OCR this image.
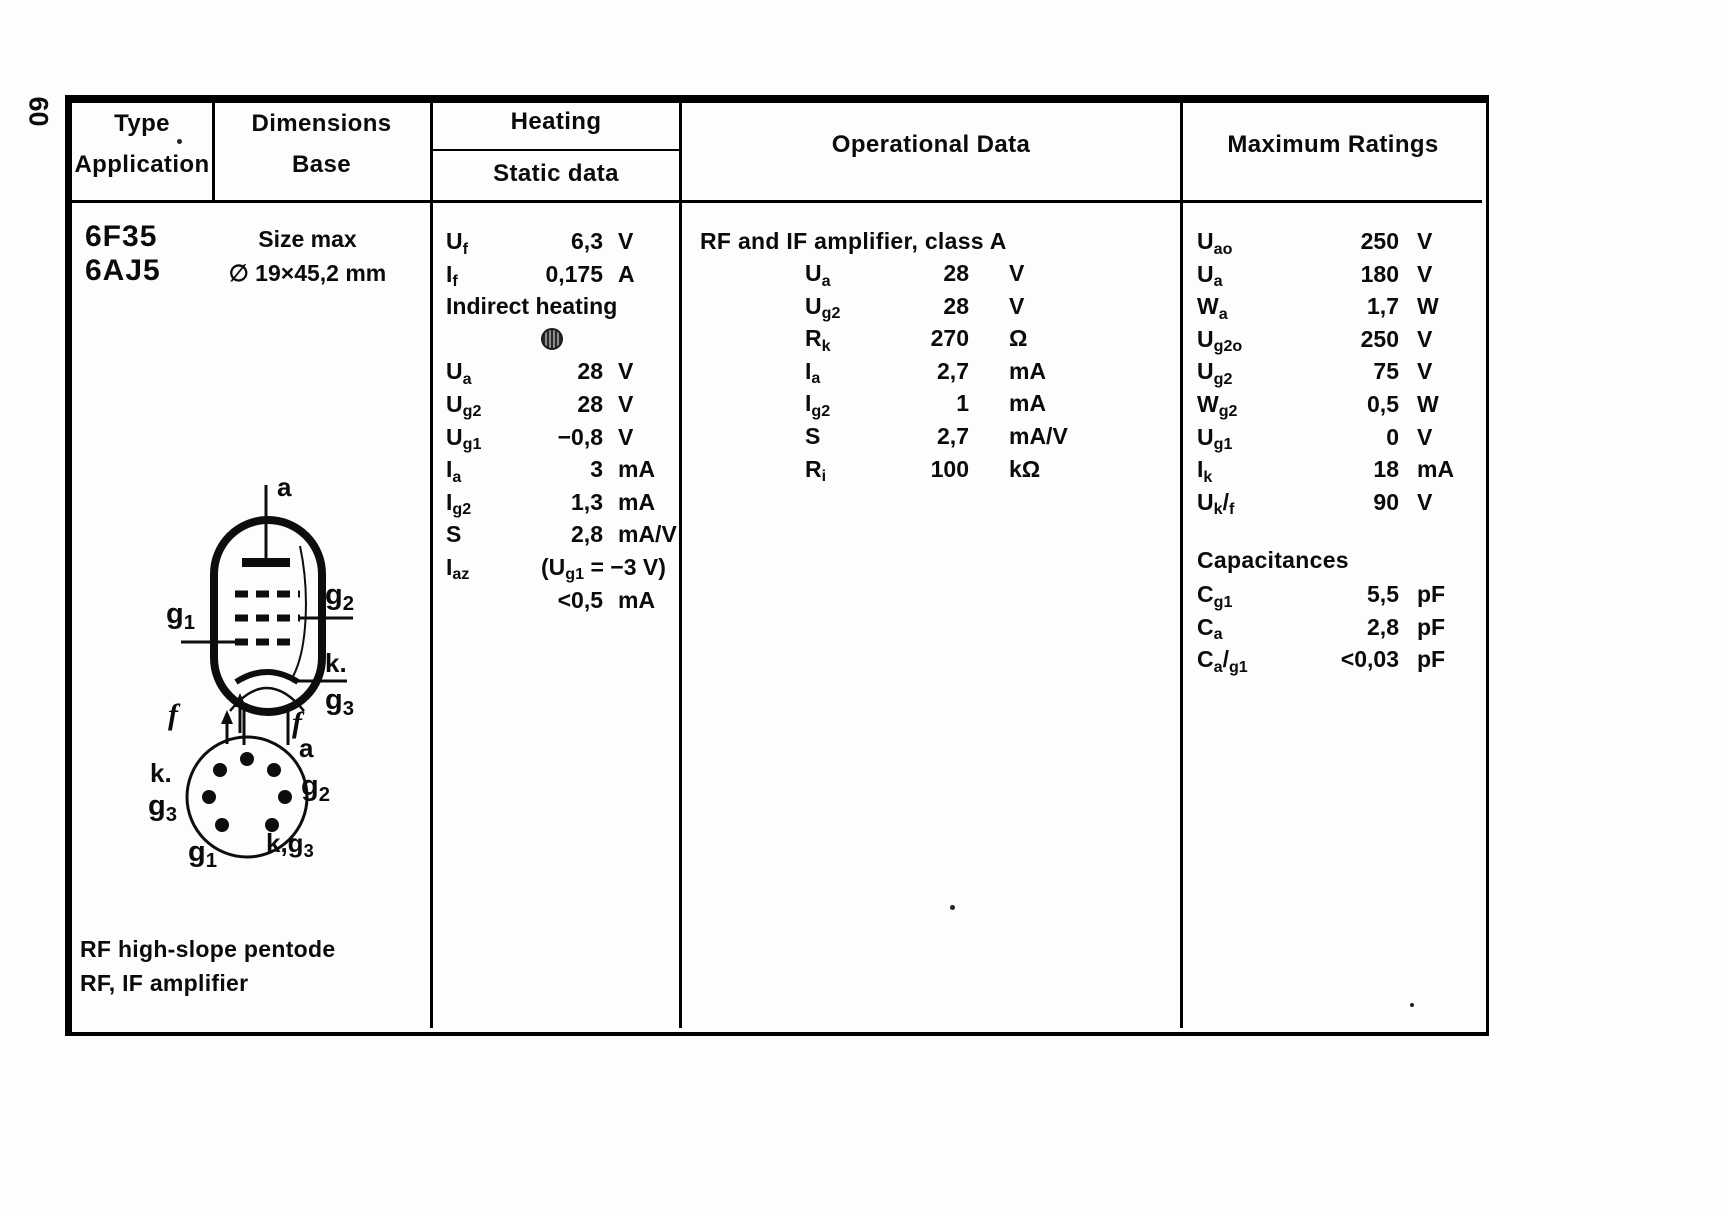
60	Type
Application
Dimensions
Base
Heating
Static data
Operational Data	Maximum Ratings
6F35
6AJ5
Size max
∅ 19×45,2 mm
$U_f$	6,3 V
$I_f$	0,175 A
Indirect heating
$U_a$	28 V
$U_{g2}$	28 V
$U_{g1}$	−0,8 V
$I_a$	3 mA
$I_{g2}$	1,3 mA
S	2,8 mA/V
$I_{az}$	($U_{g1} = -3$ V)
<0,5 mA
RF and IF amplifier, class A
$U_a$	28	V
$U_{g2}$	28	V
$R_k$	270	Ω
$I_a$	2,7	mA
$I_{g2}$	1	mA
S	2,7	mA/V
$R_i$	100	kΩ
$U_{ao}$	250 V
$U_a$	180 V
$W_a$	1,7 W
$U_{g2o}$	250 V
$U_{g2}$	75 V
$W_{g2}$	0,5 W
$U_{g1}$	0 V
$I_k$	18 mA
$U_k/_f$	90 V
Capacitances
$C_{g1}$	5,5 pF
$C_a$	2,8 pF
$C_a/_{g1}$	<0,03 pF
a
$g_1$
$g_2$
k.
$g_3$
f
f
a
$g_2$
$k,g_3$
$g_1$
$g_3$
k.
RF high-slope pentode
RF, IF amplifier
